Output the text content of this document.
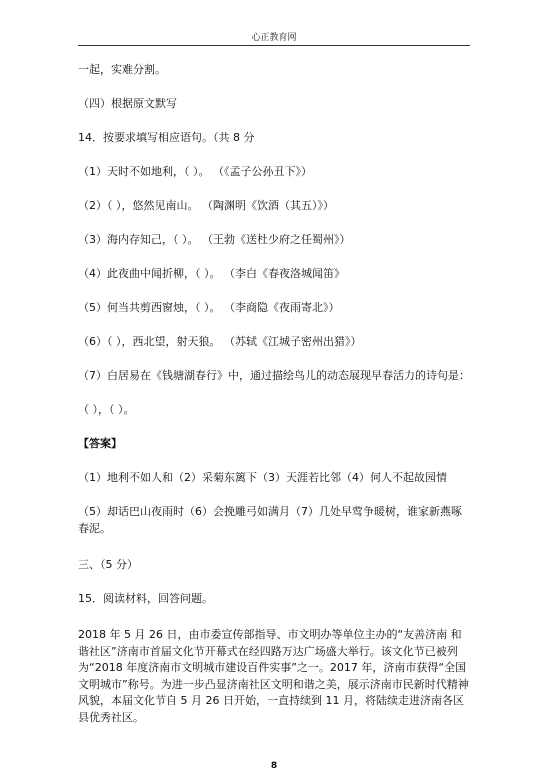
心正教育网
一起，实难分割。
（四）根据原文默写
14．按要求填写相应语句。（共 8 分
（1）天时不如地利，（ ）。 （《孟子公孙丑下》）
（2）（ ），悠然见南山。 （陶渊明《饮酒（其五）》）
（3）海内存知己，（ ）。 （王勃《送杜少府之任蜀州》）
（4）此夜曲中闻折柳，（ ）。 （李白《春夜洛城闻笛》
（5）何当共剪西窗烛，（ ）。 （李商隐《夜雨寄北》）
（6）（ ），西北望，射天狼。 （苏轼《江城子密州出猎》）
（7）白居易在《钱塘湖春行》中，通过描绘鸟儿的动态展现早春活力的诗句是：
（ ），（ ）。
【答案】
（1）地利不如人和（2）采菊东篱下（3）天涯若比邻（4）何人不起故园情
（5）却话巴山夜雨时（6）会挽雕弓如满月（7）几处早莺争暖树，谁家新燕啄春泥。
三、（5 分）
15．阅读材料，回答问题。
2018 年 5 月 26 日，由市委宣传部指导、市文明办等单位主办的“友善济南 和谐社区”济南市首届文化节开幕式在经四路万达广场盛大举行。该文化节已被列为“2018 年度济南市文明城市建设百件实事”之一。2017 年，济南市获得“全国文明城市”称号。为进一步凸显济南社区文明和谐之美，展示济南市民新时代精神风貌，本届文化节自 5 月 26 日开始，一直持续到 11 月，将陆续走进济南各区县优秀社区。
8
